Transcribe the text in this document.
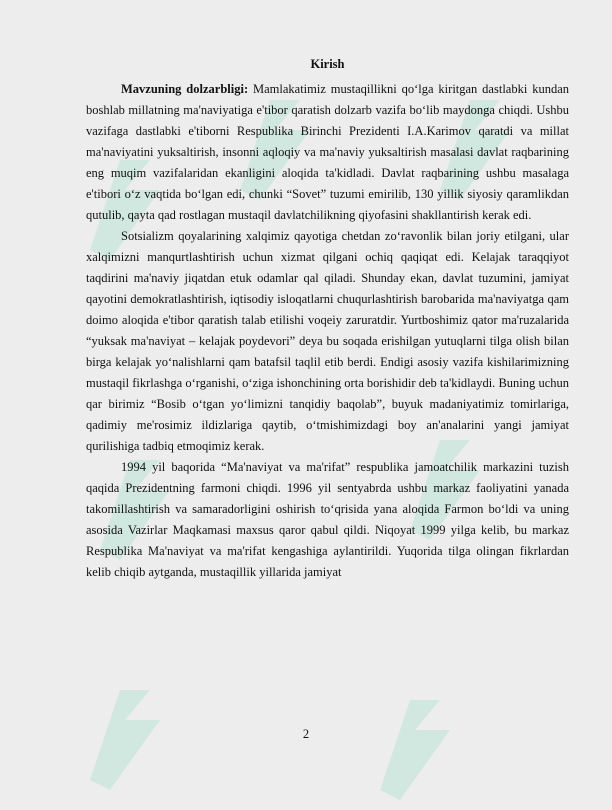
Kirish

Mavzuning dolzarbligi: Mamlakatimiz mustaqillikni qo‘lga kiritgan dastlabki kundan boshlab millatning ma'naviyatiga e'tibor qaratish dolzarb vazifa bo‘lib maydonga chiqdi. Ushbu vazifaga dastlabki e'tiborni Respublika Birinchi Prezidenti I.A.Karimov qaratdi va millat ma'naviyatini yuksaltirish, insonni aqloqiy va ma'naviy yuksaltirish masalasi davlat raqbarining eng muqim vazifalaridan ekanligini aloqida ta'kidladi. Davlat raqbarining ushbu masalaga e'tibori o‘z vaqtida bo‘lgan edi, chunki “Sovet” tuzumi emirilib, 130 yillik siyosiy qaramlikdan qutulib, qayta qad rostlagan mustaqil davlatchilikning qiyofasini shakllantirish kerak edi.

Sotsializm qoyalarining xalqimiz qayotiga chetdan zo‘ravonlik bilan joriy etilgani, ular xalqimizni manqurtlashtirish uchun xizmat qilgani ochiq qaqiqat edi. Kelajak taraqqiyot taqdirini ma'naviy jiqatdan etuk odamlar qal qiladi. Shunday ekan, davlat tuzumini, jamiyat qayotini demokratlashtirish, iqtisodiy isloqatlarni chuqurlashtirish barobarida ma'naviyatga qam doimo aloqida e'tibor qaratish talab etilishi voqeiy zaruratdir. Yurtboshimiz qator ma'ruzalarida “yuksak ma'naviyat – kelajak poydevori” deya bu soqada erishilgan yutuqlarni tilga olish bilan birga kelajak yo‘nalishlarni qam batafsil taqlil etib berdi. Endigi asosiy vazifa kishilarimizning mustaqil fikrlashga o‘rganishi, o‘ziga ishonchining orta borishidir deb ta'kidlaydi. Buning uchun qar birimiz “Bosib o‘tgan yo‘limizni tanqidiy baqolab”, buyuk madaniyatimiz tomirlariga, qadimiy me'rosimiz ildizlariga qaytib, o‘tmishimizdagi boy an'analarini yangi jamiyat qurilishiga tadbiq etmoqimiz kerak.

1994 yil baqorida “Ma'naviyat va ma'rifat” respublika jamoatchilik markazini tuzish qaqida Prezidentning farmoni chiqdi. 1996 yil sentyabrda ushbu markaz faoliyatini yanada takomillashtirish va samaradorligini oshirish to‘qrisida yana aloqida Farmon bo‘ldi va uning asosida Vazirlar Maqkamasi maxsus qaror qabul qildi. Niqoyat 1999 yilga kelib, bu markaz Respublika Ma'naviyat va ma'rifat kengashiga aylantirildi. Yuqorida tilga olingan fikrlardan kelib chiqib aytganda, mustaqillik yillarida jamiyat

2
